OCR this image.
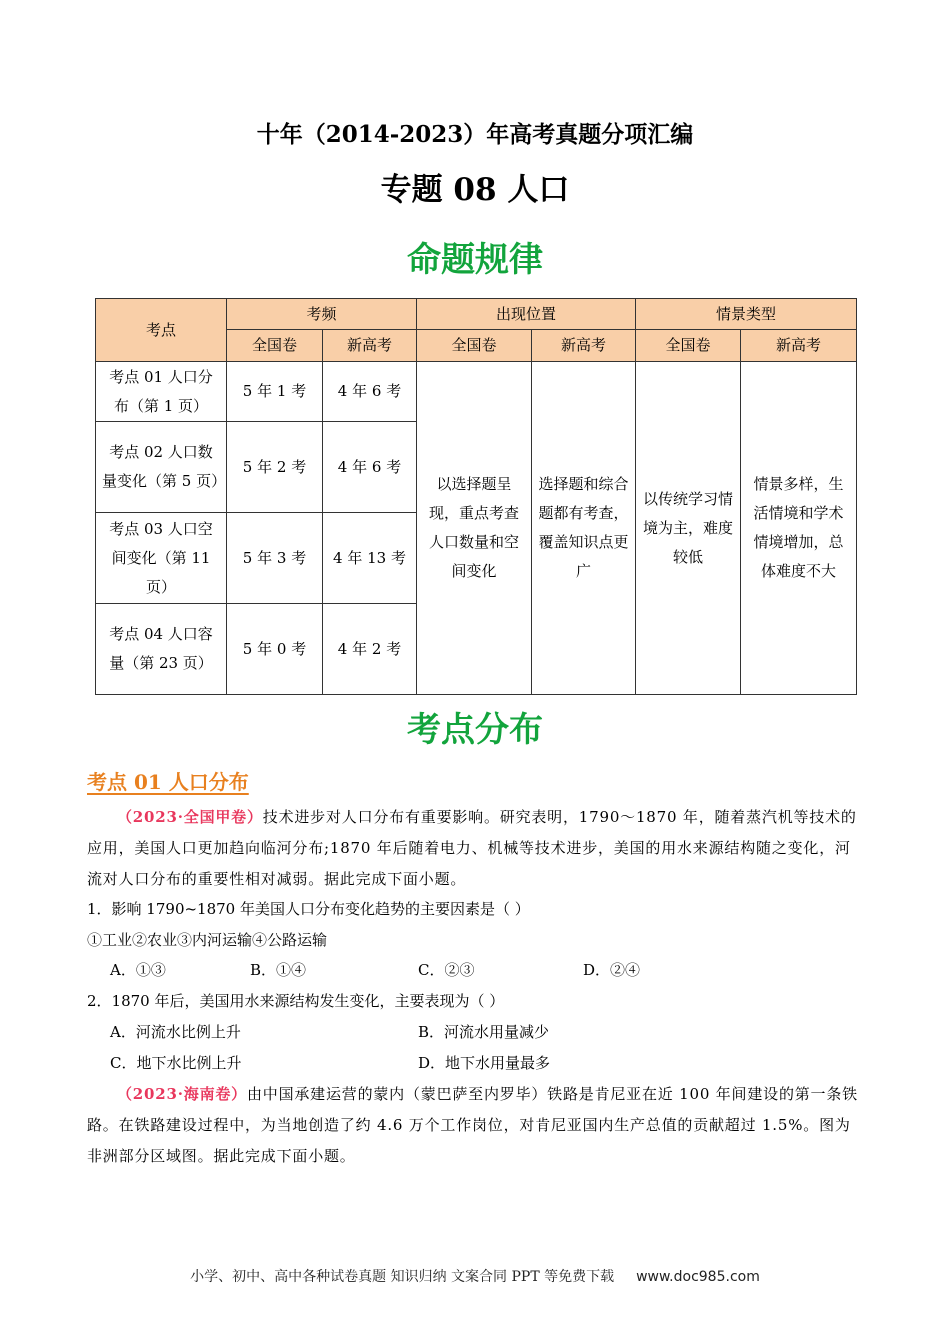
十年（2014-2023）年高考真题分项汇编
专题 08 人口
命题规律
考点	考频		出现位置		情景类型	
	全国卷	新高考	全国卷	新高考	全国卷	新高考
考点 01 人口分布（第 1 页）	5 年 1 考	4 年 6 考	以选择题呈现，重点考查人口数量和空间变化	选择题和综合题都有考查，覆盖知识点更广	以传统学习情境为主，难度较低	情景多样，生活情境和学术情境增加，总体难度不大
考点 02 人口数量变化（第 5 页）	5 年 2 考	4 年 6 考				
考点 03 人口空间变化（第 11 页）	5 年 3 考	4 年 13 考				
考点 04 人口容量（第 23 页）	5 年 0 考	4 年 2 考				
考点分布
考点 01 人口分布
（2023·全国甲卷）技术进步对人口分布有重要影响。研究表明，1790～1870 年，随着蒸汽机等技术的应用，美国人口更加趋向临河分布;1870 年后随着电力、机械等技术进步，美国的用水来源结构随之变化，河流对人口分布的重要性相对减弱。据此完成下面小题。
1．影响 1790~1870 年美国人口分布变化趋势的主要因素是（ ）
①工业②农业③内河运输④公路运输
A．①③	B．①④	C．②③	D．②④
2．1870 年后，美国用水来源结构发生变化，主要表现为（ ）
A．河流水比例上升	B．河流水用量减少
C．地下水比例上升	D．地下水用量最多
（2023·海南卷）由中国承建运营的蒙内（蒙巴萨至内罗毕）铁路是肯尼亚在近 100 年间建设的第一条铁路。在铁路建设过程中，为当地创造了约 4.6 万个工作岗位，对肯尼亚国内生产总值的贡献超过 1.5%。图为非洲部分区域图。据此完成下面小题。
小学、初中、高中各种试卷真题 知识归纳 文案合同 PPT 等免费下载 www.doc985.com
